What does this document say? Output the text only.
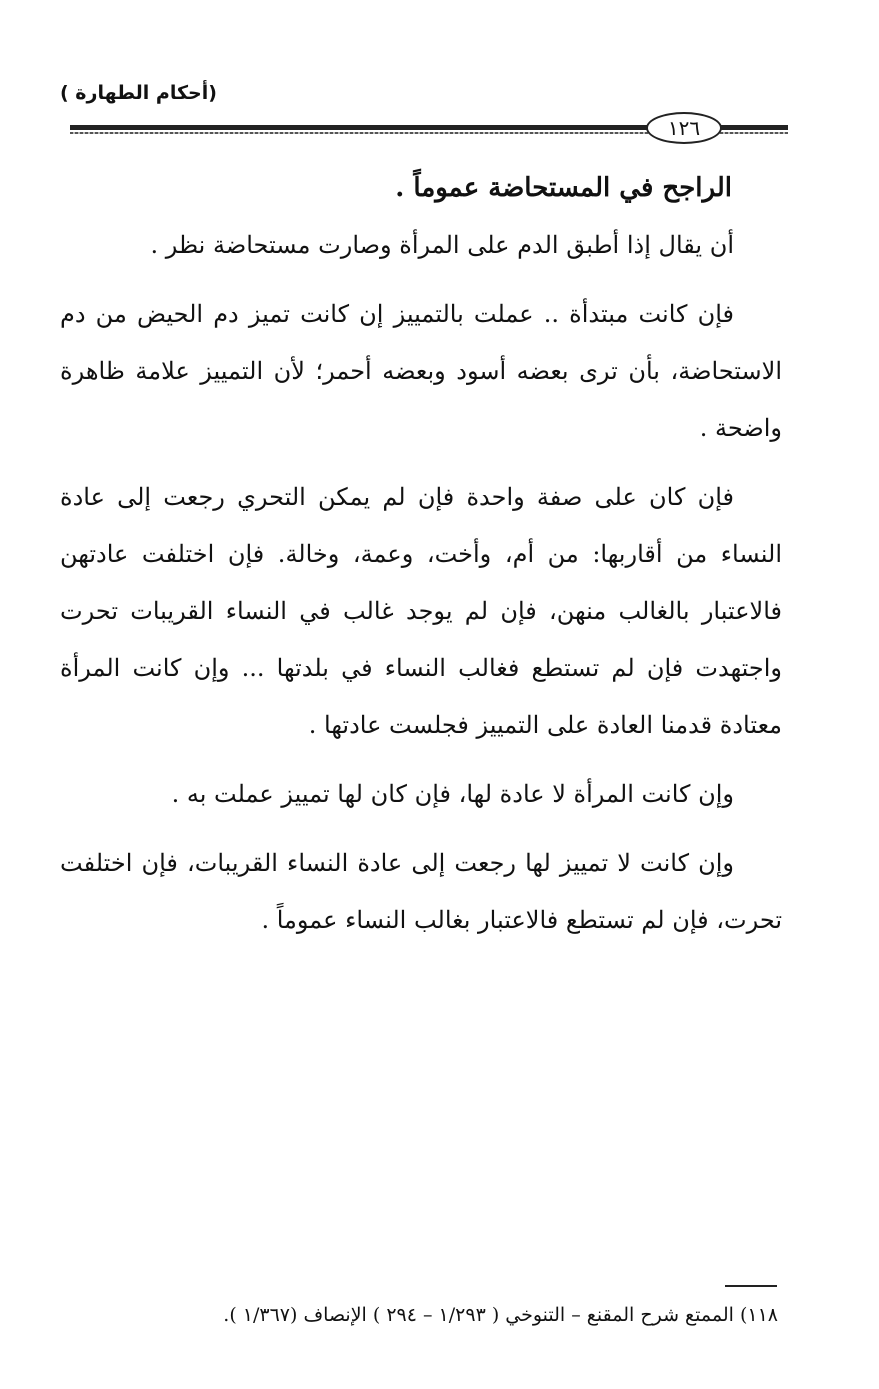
(أحكام الطهارة )
١٢٦

الراجح في المستحاضة عموماً .

أن يقال إذا أطبق الدم على المرأة وصارت مستحاضة نظر .

فإن كانت مبتدأة .. عملت بالتمييز إن كانت تميز دم الحيض من دم الاستحاضة، بأن ترى بعضه أسود وبعضه أحمر؛ لأن التمييز علامة ظاهرة واضحة .

فإن كان على صفة واحدة فإن لم يمكن التحري رجعت إلى عادة النساء من أقاربها: من أم، وأخت، وعمة، وخالة. فإن اختلفت عادتهن فالاعتبار بالغالب منهن، فإن لم يوجد غالب في النساء القريبات تحرت واجتهدت فإن لم تستطع فغالب النساء في بلدتها ... وإن كانت المرأة معتادة قدمنا العادة على التمييز فجلست عادتها .

وإن كانت المرأة لا عادة لها، فإن كان لها تمييز عملت به .

وإن كانت لا تمييز لها رجعت إلى عادة النساء القريبات، فإن اختلفت تحرت، فإن لم تستطع فالاعتبار بغالب النساء عموماً .

١١٨) الممتع شرح المقنع – التنوخي ( ١/٢٩٣ – ٢٩٤ ) الإنصاف (١/٣٦٧ ).
